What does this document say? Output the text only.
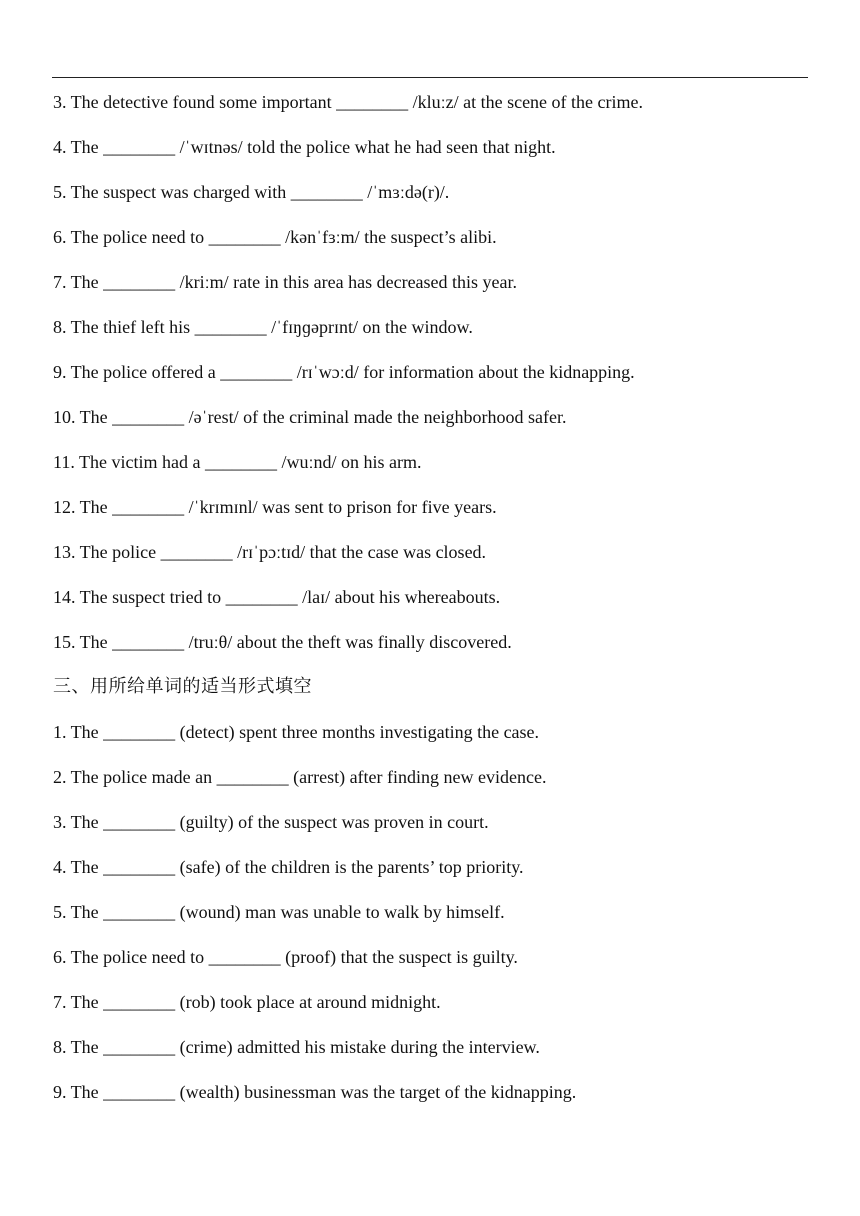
3. The detective found some important ________ /kluːz/ at the scene of the crime.
4. The ________ /ˈwɪtnəs/ told the police what he had seen that night.
5. The suspect was charged with ________ /ˈmɜːdə(r)/.
6. The police need to ________ /kənˈfɜːm/ the suspect’s alibi.
7. The ________ /kriːm/ rate in this area has decreased this year.
8. The thief left his ________ /ˈfɪŋɡəprɪnt/ on the window.
9. The police offered a ________ /rɪˈwɔːd/ for information about the kidnapping.
10. The ________ /əˈrest/ of the criminal made the neighborhood safer.
11. The victim had a ________ /wuːnd/ on his arm.
12. The ________ /ˈkrɪmɪnl/ was sent to prison for five years.
13. The police ________ /rɪˈpɔːtɪd/ that the case was closed.
14. The suspect tried to ________ /laɪ/ about his whereabouts.
15. The ________ /truːθ/ about the theft was finally discovered.
三、用所给单词的适当形式填空
1. The ________ (detect) spent three months investigating the case.
2. The police made an ________ (arrest) after finding new evidence.
3. The ________ (guilty) of the suspect was proven in court.
4. The ________ (safe) of the children is the parents’ top priority.
5. The ________ (wound) man was unable to walk by himself.
6. The police need to ________ (proof) that the suspect is guilty.
7. The ________ (rob) took place at around midnight.
8. The ________ (crime) admitted his mistake during the interview.
9. The ________ (wealth) businessman was the target of the kidnapping.
